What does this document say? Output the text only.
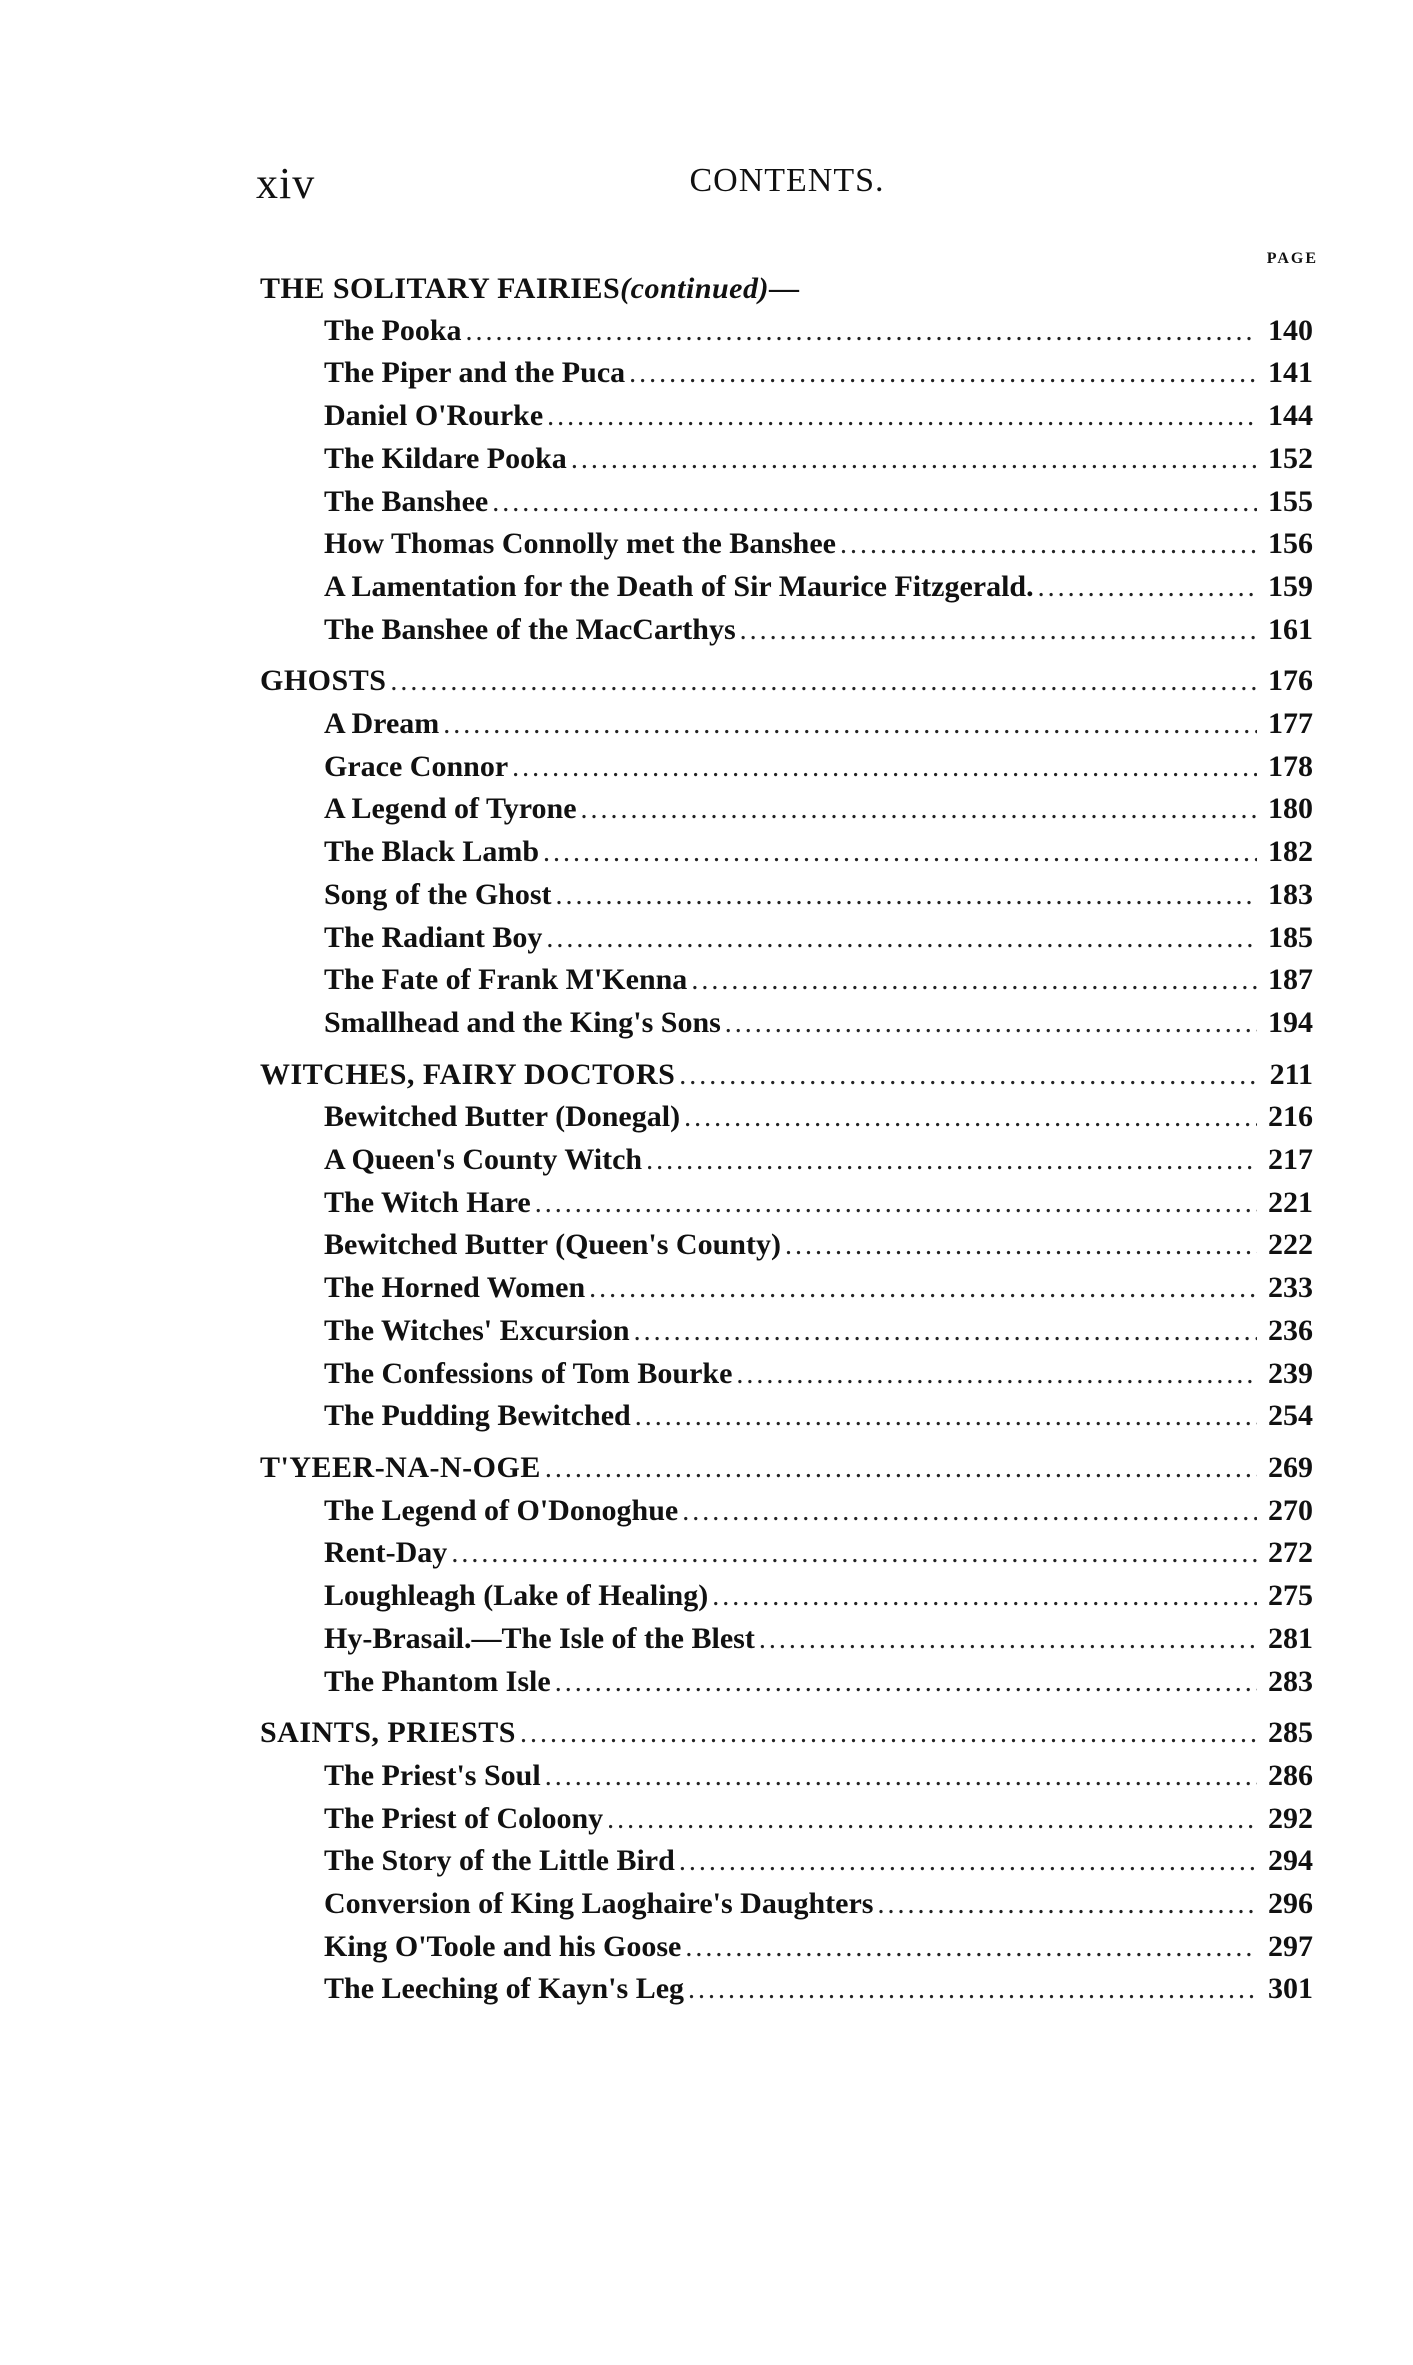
xiv	CONTENTS.
PAGE
THE SOLITARY FAIRIES (continued) —
The Pooka .....	140
The Piper and the Puca .....	141
Daniel O'Rourke .....	144
The Kildare Pooka .....	152
The Banshee .....	155
How Thomas Connolly met the Banshee .....	156
A Lamentation for the Death of Sir Maurice Fitzgerald. .....	159
The Banshee of the MacCarthys .....	161
GHOSTS .....	176
A Dream .....	177
Grace Connor .....	178
A Legend of Tyrone .....	180
The Black Lamb .....	182
Song of the Ghost .....	183
The Radiant Boy .....	185
The Fate of Frank M'Kenna .....	187
Smallhead and the King's Sons .....	194
WITCHES, FAIRY DOCTORS .....	211
Bewitched Butter (Donegal) .....	216
A Queen's County Witch .....	217
The Witch Hare .....	221
Bewitched Butter (Queen's County) .....	222
The Horned Women .....	233
The Witches' Excursion .....	236
The Confessions of Tom Bourke .....	239
The Pudding Bewitched .....	254
T'YEER-NA-N-OGE .....	269
The Legend of O'Donoghue .....	270
Rent-Day .....	272
Loughleagh (Lake of Healing) .....	275
Hy-Brasail.—The Isle of the Blest .....	281
The Phantom Isle .....	283
SAINTS, PRIESTS .....	285
The Priest's Soul .....	286
The Priest of Coloony .....	292
The Story of the Little Bird .....	294
Conversion of King Laoghaire's Daughters .....	296
King O'Toole and his Goose .....	297
The Leeching of Kayn's Leg .....	301
